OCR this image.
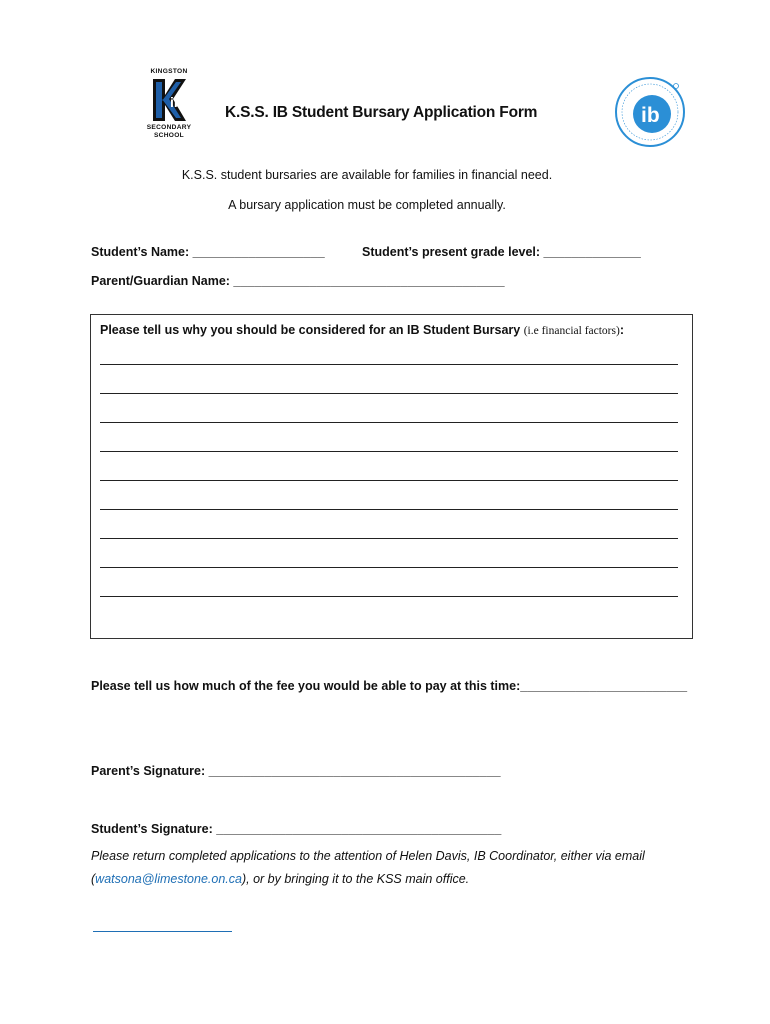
KINGSTON
ib
SECONDARY
SCHOOL
K.S.S. IB Student Bursary Application Form	ib
K.S.S. student bursaries are available for families in financial need.
A bursary application must be completed annually.
Student’s Name: ___________________	Student’s present grade level: ______________
Parent/Guardian Name: _______________________________________
Please tell us why you should be considered for an IB Student Bursary (i.e financial factors):
Please tell us how much of the fee you would be able to pay at this time:________________________
Parent’s Signature: __________________________________________
Student’s Signature: _________________________________________
Please return completed applications to the attention of Helen Davis, IB Coordinator, either via email (watsona@limestone.on.ca), or by bringing it to the KSS main office.
